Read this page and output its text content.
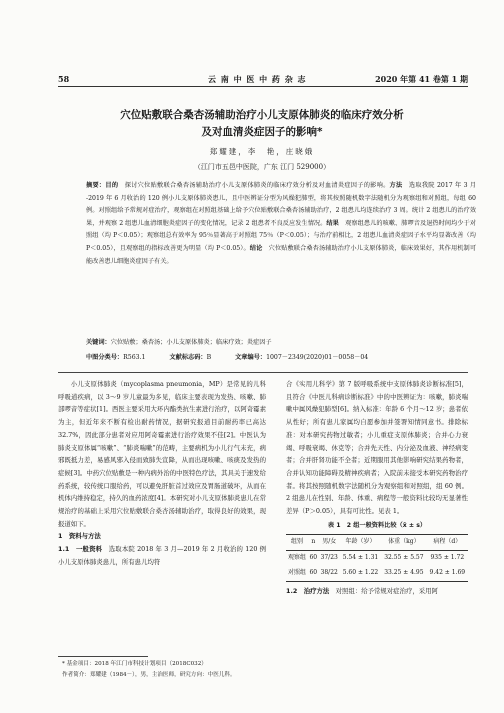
58	云 南 中 医 中 药 杂 志	2020 年第 41 卷第 1 期
穴位贴敷联合桑杏汤辅助治疗小儿支原体肺炎的临床疗效分析
及对血清炎症因子的影响*
郑耀建，李　艳，庄晓娥
（江门市五邑中医院，广东 江门 529000）
摘要：目的　 探讨穴位贴敷联合桑杏汤辅助治疗小儿支原体肺炎的临床疗效分析及对血清炎症因子的影响。方法　 选取我院 2017 年 3 月 -2019 年 6 月收治的 120 例小儿支原体肺炎患儿，且中医辨证分型为风燥犯肺型，将其按照随机数字法随机分为观察组和对照组，每组 60 例。对照组给予常规对症治疗，观察组在对照组基础上给予穴位贴敷联合桑杏汤辅助治疗，2 组患儿均连续治疗 3 周。统计 2 组患儿的治疗效果，并观察 2 组患儿血清细胞炎症因子的变化情况，记录 2 组患者不良反应发生情况。结果　 观察组患儿的咳嗽、肺啰音及退热时间均少于对照组（均 P＜0.05）；观察组总有效率为 95％显著高于对照组 75％（P＜0.05）；与治疗前相比，2 组患儿血清炎症因子水平均显著改善（均 P＜0.05），且观察组的指标改善更为明显（均 P＜0.05）。结论　 穴位贴敷联合桑杏汤辅助治疗小儿支原体肺炎，临床效果好，其作用机制可能改善患儿细胞炎症因子有关。
关键词：穴位贴敷；桑杏汤；小儿支原体肺炎；临床疗效；炎症因子
中图分类号：R563.1	文献标志码：B	文章编号：1007－2349(2020)01－0058－04

小儿支原体肺炎（mycoplasma pneumonia，MP）是常见的儿科呼吸道疾病，以 3～9 岁儿童最为多见，临床主要表现为发热、咳嗽、肺部啰音等症状[1]。西医主要采用大环内酯类抗生素进行治疗，以阿奇霉素为主，但近年来不断有检出耐药情况，据研究报道目前耐药率已高达 32.7%，因此部分患者对应用阿奇霉素进行治疗效果不佳[2]。中医认为肺炎支原体属“咳嗽”、“肺炎喘嗽”的范畴，主要病机为小儿行气未充，病邪既抵力差，易感风邪入侵而致肺失宣降，从而出现咳嗽、咳痰及发热的症候[3]。中药穴位贴敷是一种内病外治的中医特色疗法，其具关于速发给药系统，较传统口服给药，可以避免肝脏首过效应及胃肠道破坏，从而在机体内维持稳定，持久的血药浓度[4]。本研究对小儿支原体肺炎患儿在常规治疗的基础上采用穴位贴敷联合桑杏汤辅助治疗，取得良好的效果，现报道如下。

1　资料与方法

1.1　一般资料　 选取本院 2018 年 3 月—2019 年 2 月收治的 120 例小儿支原体肺炎患儿，所有患儿均符

合《实用儿科学》第 7 版呼吸系统中支原体肺炎诊断标准[5]，且符合《中医儿科病诊断标准》中的中医辨证为：咳嗽，肺炎喘嗽中属风燥犯肺型[6]。纳入标准：年龄 6 个月～12 岁；患者依从性好；所有患儿家属均自愿参加并签署知情同意书。排除标准：对本研究药物过敏者；小儿重症支原体肺炎；合并心力衰竭、呼吸衰竭、休克等；合并先天性、内分泌及血液、神经病变者；合并肝肾功能不全者；近期服用其他影响研究结果药物者，合并认知功能障碍及精神疾病者；入院前未接受本研究药物治疗者。将其按照随机数字法随机分为观察组和对照组，组 60 例。2 组患儿在性别、年龄、体重、病程等一般资料比较均无显著性差异（P＞0.05），具有可比性。见表 1。

表 1　2 组一般资料比较（x̄ ± s）
组别	n	男/女	年龄（岁）	体重（kg）	病程（d）
观察组	60	37/23	5.54 ± 1.31	32.55 ± 5.57	935 ± 1.72
对照组	60	38/22	5.60 ± 1.22	33.25 ± 4.95	9.42 ± 1.69

1.2　治疗方法　 对照组：给予常规对症治疗，采用阿

* 基金项目：2018 年江门市科技计划项目（2018C032）
作者简介：郑耀建（1984－），男，主治医师，研究方向：中医儿科。
